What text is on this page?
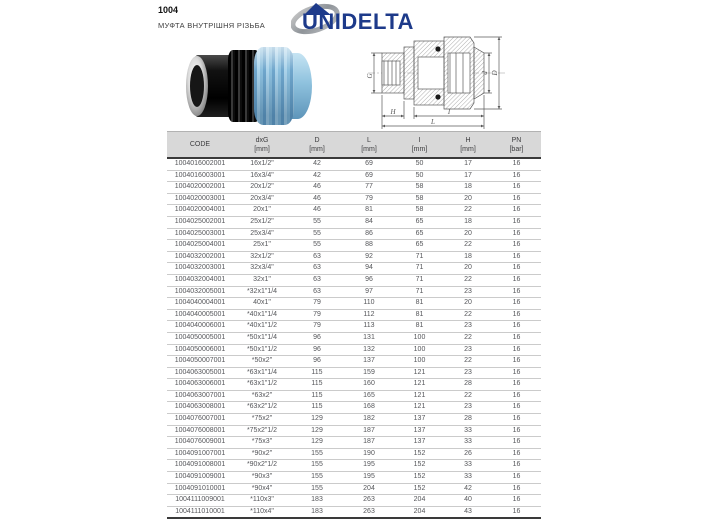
1004
МУФТА ВНУТРІШНЯ РІЗЬБА UNIDELTA
G
d D
H	I
L
CODE

dxG
[mm]

D
[mm]

L
[mm]

I
[mm]

H
[mm]

PN
[bar]

1004016002001	16x1/2"	42	69	50	17	16
1004016003001	16x3/4"	42	69	50	17	16
1004020002001	20x1/2"	46	77	58	18	16
1004020003001	20x3/4"	46	79	58	20	16
1004020004001	20x1"	46	81	58	22	16
1004025002001	25x1/2"	55	84	65	18	16
1004025003001	25x3/4"	55	86	65	20	16
1004025004001	25x1"	55	88	65	22	16
1004032002001	32x1/2"	63	92	71	18	16
1004032003001	32x3/4"	63	94	71	20	16
1004032004001	32x1"	63	96	71	22	16
1004032005001	*32x1"1/4	63	97	71	23	16
1004040004001	40x1"	79	110	81	20	16
1004040005001	*40x1"1/4	79	112	81	22	16
1004040006001	*40x1"1/2	79	113	81	23	16
1004050005001	*50x1"1/4	96	131	100	22	16
1004050006001	*50x1"1/2	96	132	100	23	16
1004050007001	*50x2"	96	137	100	22	16
1004063005001	*63x1"1/4	115	159	121	23	16
1004063006001	*63x1"1/2	115	160	121	28	16
1004063007001	*63x2"	115	165	121	22	16
1004063008001	*63x2"1/2	115	168	121	23	16
1004076007001	*75x2"	129	182	137	28	16
1004076008001	*75x2"1/2	129	187	137	33	16
1004076009001	*75x3"	129	187	137	33	16
1004091007001	*90x2"	155	190	152	26	16
1004091008001	*90x2"1/2	155	195	152	33	16
1004091009001	*90x3"	155	195	152	33	16
1004091010001	*90x4"	155	204	152	42	16
1004111009001	*110x3"	183	263	204	40	16
1004111010001	*110x4"	183	263	204	43	16
